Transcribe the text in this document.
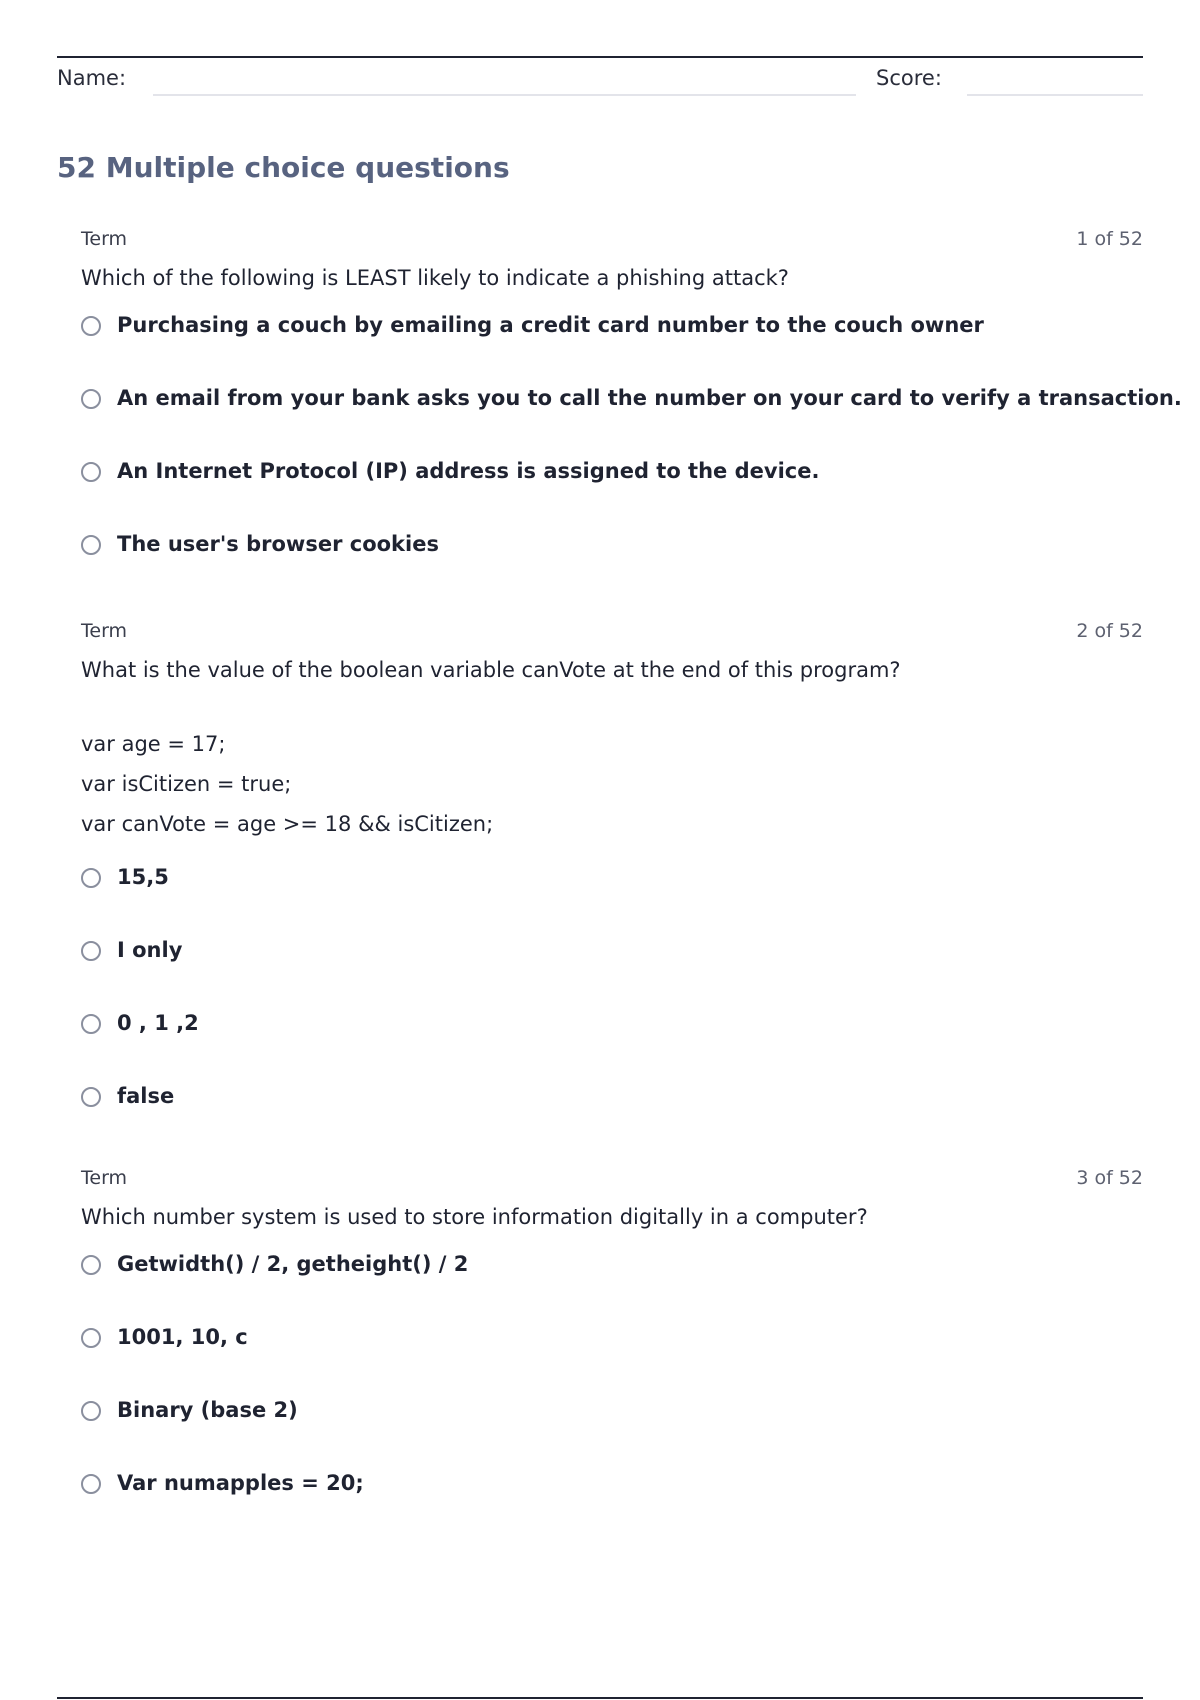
Name:	Score:
52 Multiple choice questions
Term	1 of 52
Which of the following is LEAST likely to indicate a phishing attack?
Purchasing a couch by emailing a credit card number to the couch owner
An email from your bank asks you to call the number on your card to verify a transaction.
An Internet Protocol (IP) address is assigned to the device.
The user's browser cookies
Term	2 of 52
What is the value of the boolean variable canVote at the end of this program?
var age = 17;
var isCitizen = true;
var canVote = age >= 18 && isCitizen;
15,5
I only
0 , 1 ,2
false
Term	3 of 52
Which number system is used to store information digitally in a computer?
Getwidth() / 2, getheight() / 2
1001, 10, c
Binary (base 2)
Var numapples = 20;
